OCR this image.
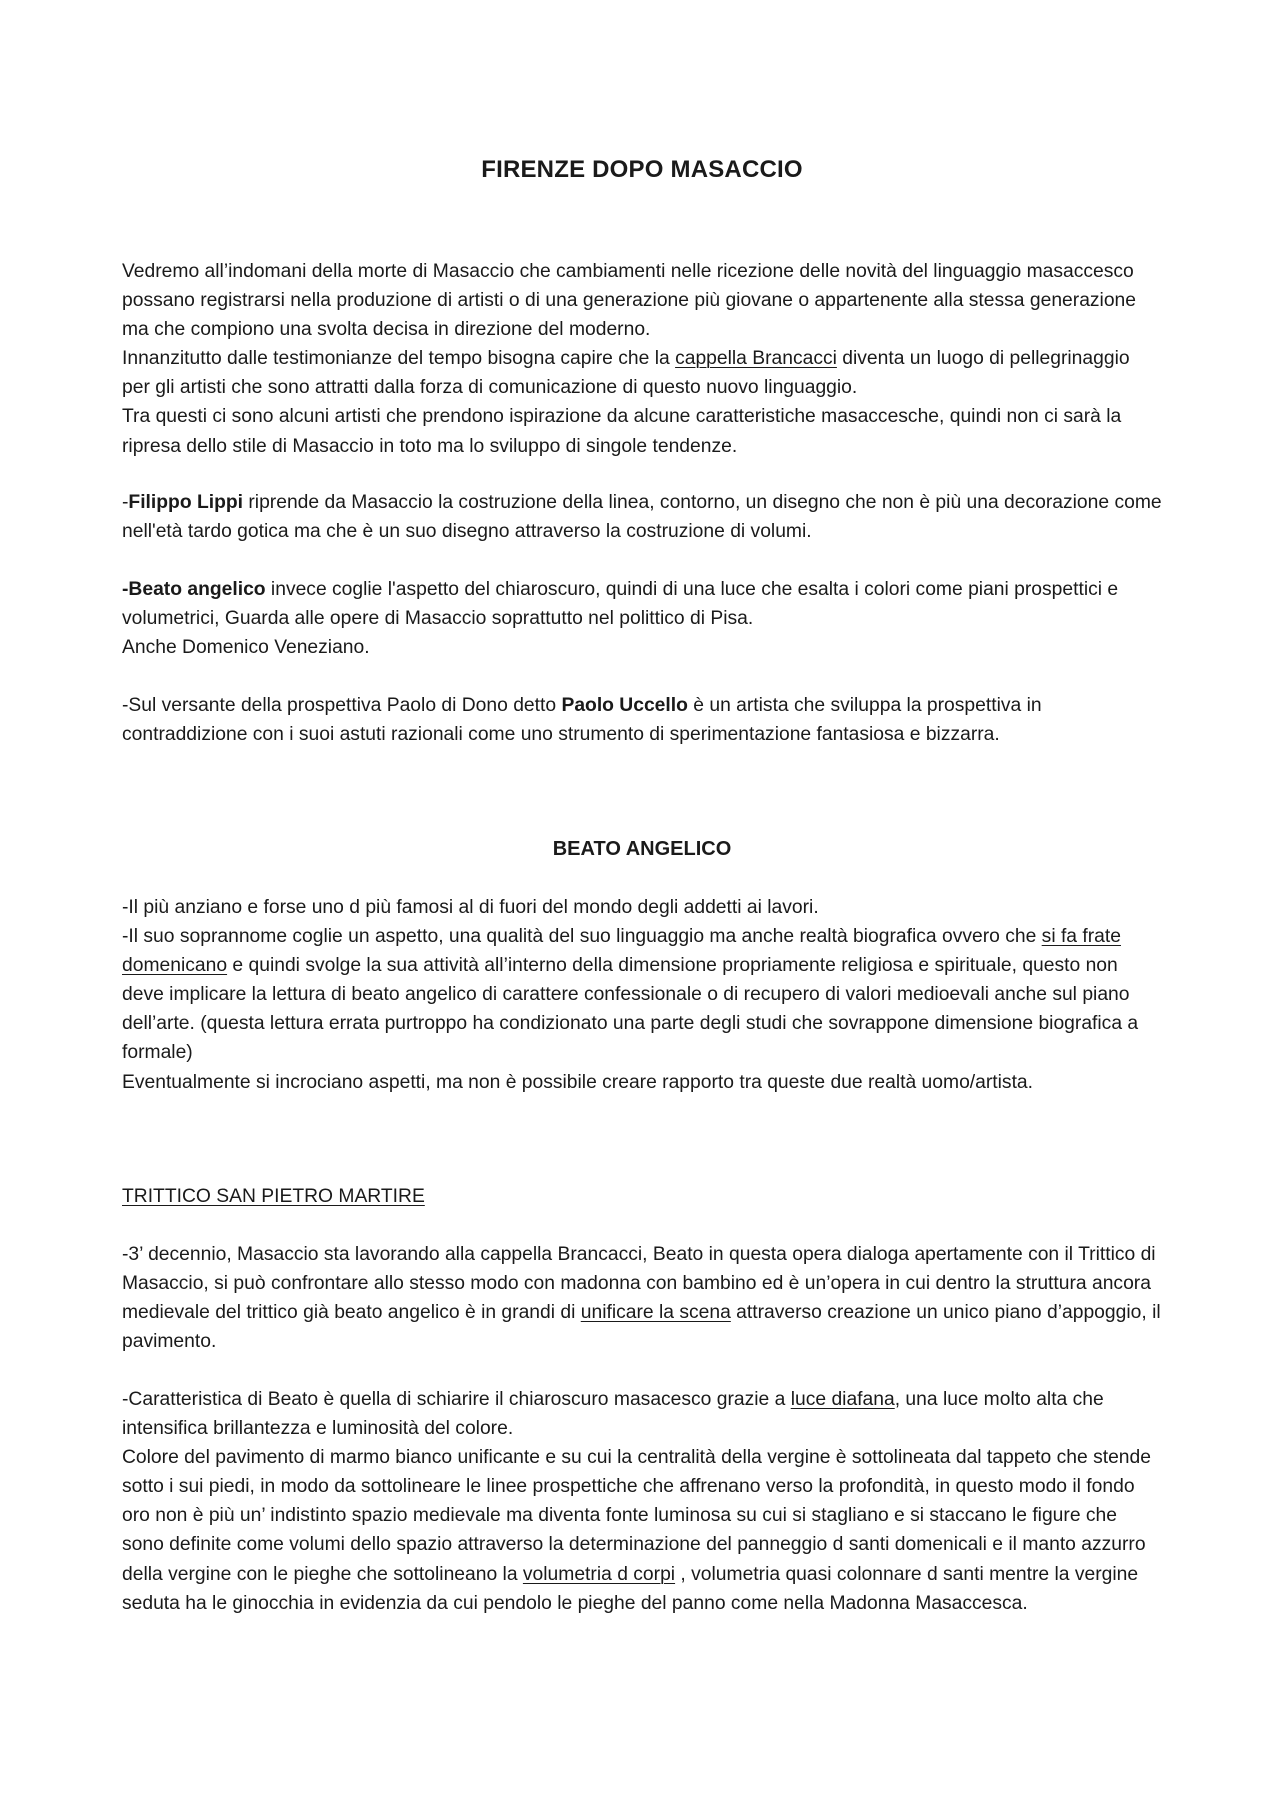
FIRENZE DOPO MASACCIO

Vedremo all’indomani della morte di Masaccio che cambiamenti nelle ricezione delle novità del linguaggio masaccesco possano registrarsi nella produzione di artisti o di una generazione più giovane o appartenente alla stessa generazione ma che compiono una svolta decisa in direzione del moderno.

Innanzitutto dalle testimonianze del tempo bisogna capire che la cappella Brancacci diventa un luogo di pellegrinaggio per gli artisti che sono attratti dalla forza di comunicazione di questo nuovo linguaggio.

Tra questi ci sono alcuni artisti che prendono ispirazione da alcune caratteristiche masaccesche, quindi non ci sarà la ripresa dello stile di Masaccio in toto ma lo sviluppo di singole tendenze.

-Filippo Lippi riprende da Masaccio la costruzione della linea, contorno, un disegno che non è più una decorazione come nell'età tardo gotica ma che è un suo disegno attraverso la costruzione di volumi.

-Beato angelico invece coglie l'aspetto del chiaroscuro, quindi di una luce che esalta i colori come piani prospettici e volumetrici, Guarda alle opere di Masaccio soprattutto nel polittico di Pisa.

Anche Domenico Veneziano.

-Sul versante della prospettiva Paolo di Dono detto Paolo Uccello è un artista che sviluppa la prospettiva in contraddizione con i suoi astuti razionali come uno strumento di sperimentazione fantasiosa e bizzarra.

BEATO ANGELICO

-Il più anziano e forse uno d più famosi al di fuori del mondo degli addetti ai lavori.

-Il suo soprannome coglie un aspetto, una qualità del suo linguaggio ma anche realtà biografica ovvero che si fa frate domenicano e quindi svolge la sua attività all’interno della dimensione propriamente religiosa e spirituale, questo non deve implicare la lettura di beato angelico di carattere confessionale o di recupero di valori medioevali anche sul piano dell’arte. (questa lettura errata purtroppo ha condizionato una parte degli studi che sovrappone dimensione biografica a formale)

Eventualmente si incrociano aspetti, ma non è possibile creare rapporto tra queste due realtà uomo/artista.

TRITTICO SAN PIETRO MARTIRE

-3’ decennio, Masaccio sta lavorando alla cappella Brancacci, Beato in questa opera dialoga apertamente con il Trittico di Masaccio, si può confrontare allo stesso modo con madonna con bambino ed è un’opera in cui dentro la struttura ancora medievale del trittico già beato angelico è in grandi di unificare la scena attraverso creazione un unico piano d’appoggio, il pavimento.

-Caratteristica di Beato è quella di schiarire il chiaroscuro masacesco grazie a luce diafana, una luce molto alta che intensifica brillantezza e luminosità del colore.

Colore del pavimento di marmo bianco unificante e su cui la centralità della vergine è sottolineata dal tappeto che stende sotto i sui piedi, in modo da sottolineare le linee prospettiche che affrenano verso la profondità, in questo modo il fondo oro non è più un’ indistinto spazio medievale ma diventa fonte luminosa su cui si stagliano e si staccano le figure che sono definite come volumi dello spazio attraverso la determinazione del panneggio d santi domenicali e il manto azzurro della vergine con le pieghe che sottolineano la volumetria d corpi , volumetria quasi colonnare d santi mentre la vergine seduta ha le ginocchia in evidenzia da cui pendolo le pieghe del panno come nella Madonna Masaccesca.
